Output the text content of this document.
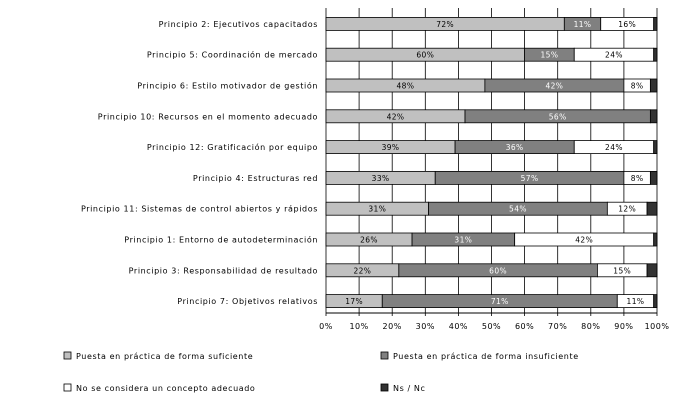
72%	11%	16%
60%	15%	24%
48%	42%	8%
42%	56%
39%	36%	24%
33%	57%	8%
31%	54%	12%
26%	31%	42%
22%	60%	15%
17%	71%	11%
Principio 2: Ejecutivos capacitados
Principio 5: Coordinación de mercado
Principio 6: Estilo motivador de gestión
Principio 10: Recursos en el momento adecuado
Principio 12: Gratificación por equipo
Principio 4: Estructuras red
Principio 11: Sistemas de control abiertos y rápidos
Principio 1: Entorno de autodeterminación
Principio 3: Responsabilidad de resultado
Principio 7: Objetivos relativos
0% 10% 20% 30% 40% 50% 60% 70% 80% 90% 100%
Puesta en práctica de forma suficiente	Puesta en práctica de forma insuficiente
No se considera un concepto adecuado	Ns / Nc
